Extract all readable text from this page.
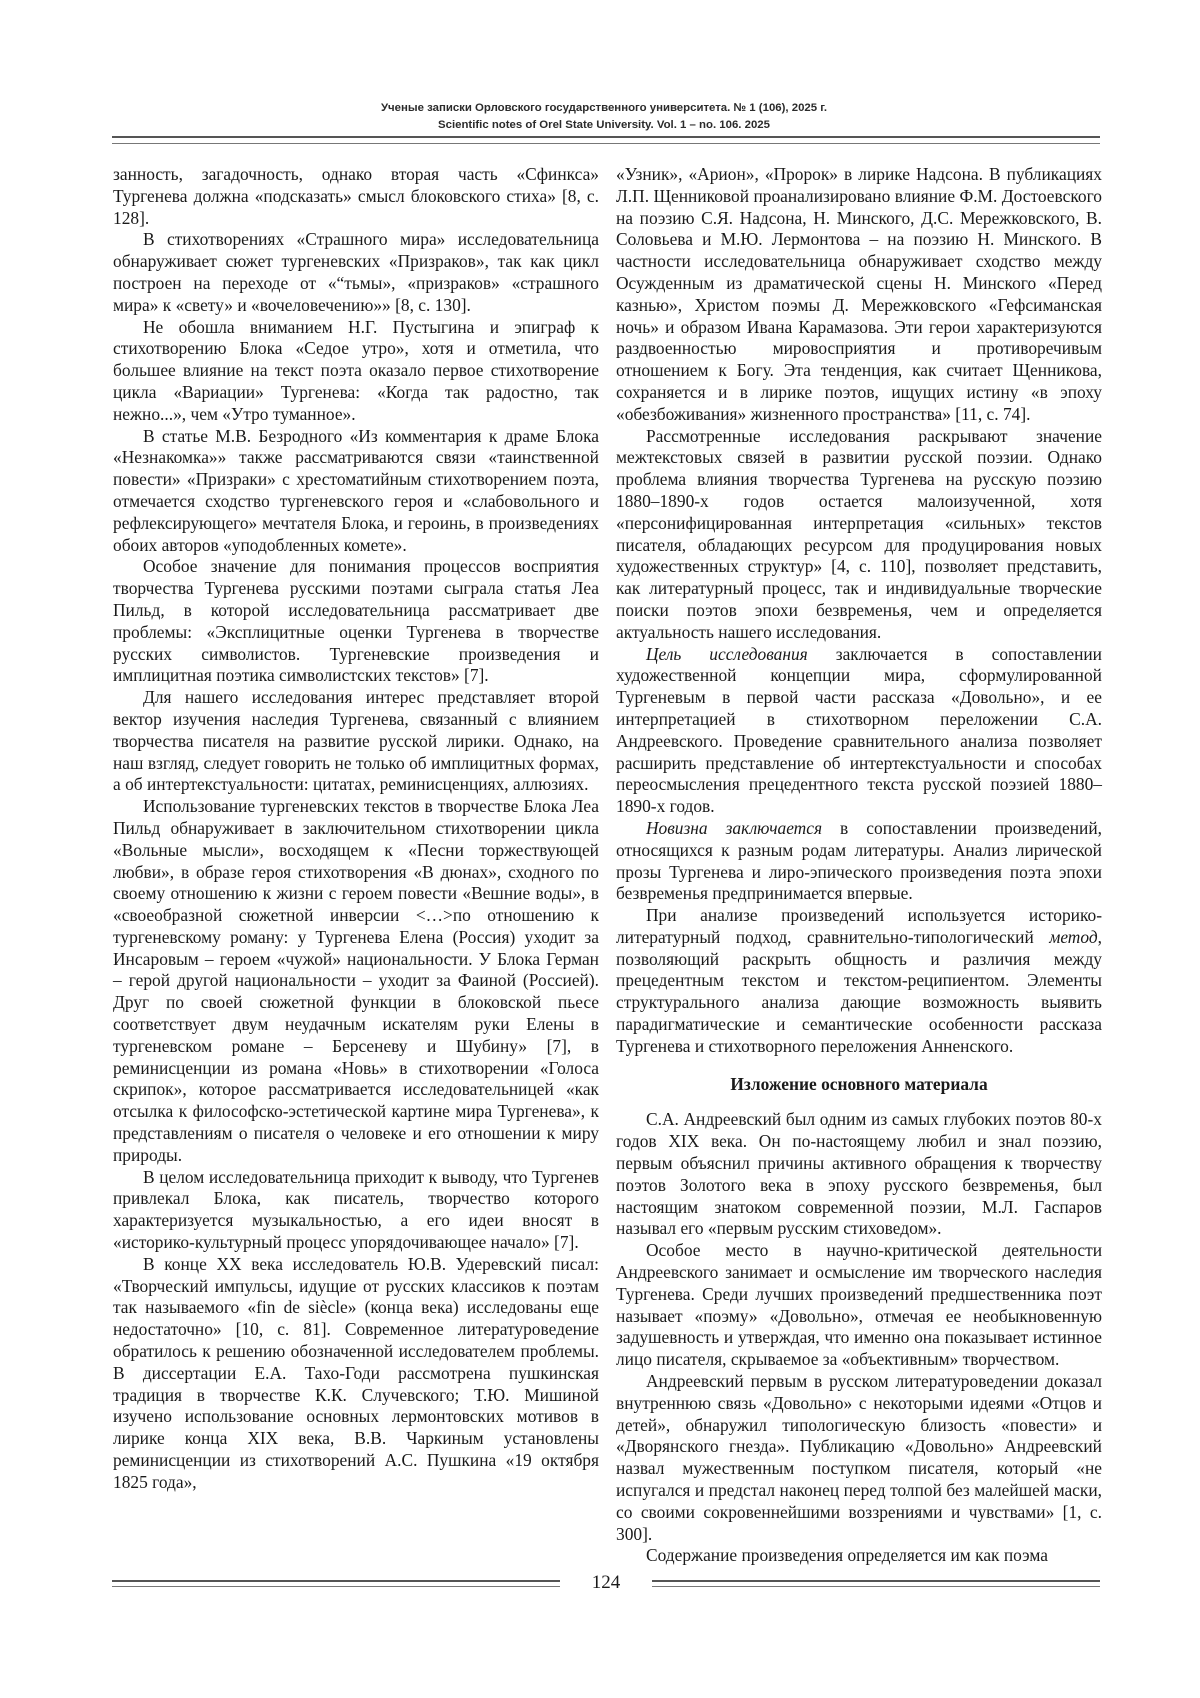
Ученые записки Орловского государственного университета. № 1 (106), 2025 г.
Scientific notes of Orel State University. Vol. 1 – no. 106. 2025

занность, загадочность, однако вторая часть «Сфинкса» Тургенева должна «подсказать» смысл блоковского стиха» [8, с. 128].

В стихотворениях «Страшного мира» исследовательница обнаруживает сюжет тургеневских «Призраков», так как цикл построен на переходе от «“тьмы», «призраков» «страшного мира» к «свету» и «вочеловечению»» [8, с. 130].

Не обошла вниманием Н.Г. Пустыгина и эпиграф к стихотворению Блока «Седое утро», хотя и отметила, что большее влияние на текст поэта оказало первое стихотворение цикла «Вариации» Тургенева: «Когда так радостно, так нежно...», чем «Утро туманное».

В статье М.В. Безродного «Из комментария к драме Блока «Незнакомка»» также рассматриваются связи «таинственной повести» «Призраки» с хрестоматийным стихотворением поэта, отмечается сходство тургеневского героя и «слабовольного и рефлексирующего» мечтателя Блока, и героинь, в произведениях обоих авторов «уподобленных комете».

Особое значение для понимания процессов восприятия творчества Тургенева русскими поэтами сыграла статья Леа Пильд, в которой исследовательница рассматривает две проблемы: «Эксплицитные оценки Тургенева в творчестве русских символистов. Тургеневские произведения и имплицитная поэтика символистских текстов» [7].

Для нашего исследования интерес представляет второй вектор изучения наследия Тургенева, связанный с влиянием творчества писателя на развитие русской лирики. Однако, на наш взгляд, следует говорить не только об имплицитных формах, а об интертекстуальности: цитатах, реминисценциях, аллюзиях.

Использование тургеневских текстов в творчестве Блока Леа Пильд обнаруживает в заключительном стихотворении цикла «Вольные мысли», восходящем к «Песни торжествующей любви», в образе героя стихотворения «В дюнах», сходного по своему отношению к жизни с героем повести «Вешние воды», в «своеобразной сюжетной инверсии <…>по отношению к тургеневскому роману: у Тургенева Елена (Россия) уходит за Инсаровым – героем «чужой» национальности. У Блока Герман – герой другой национальности – уходит за Фаиной (Россией). Друг по своей сюжетной функции в блоковской пьесе соответствует двум неудачным искателям руки Елены в тургеневском романе – Берсеневу и Шубину» [7], в реминисценции из романа «Новь» в стихотворении «Голоса скрипок», которое рассматривается исследовательницей «как отсылка к философско-эстетической картине мира Тургенева», к представлениям о писателя о человеке и его отношении к миру природы.

В целом исследовательница приходит к выводу, что Тургенев привлекал Блока, как писатель, творчество которого характеризуется музыкальностью, а его идеи вносят в «историко-культурный процесс упорядочивающее начало» [7].

В конце XX века исследователь Ю.В. Удеревский писал: «Творческий импульсы, идущие от русских классиков к поэтам так называемого «fin de siècle» (конца века) исследованы еще недостаточно» [10, с. 81]. Современное литературоведение обратилось к решению обозначенной исследователем проблемы. В диссертации Е.А. Тахо-Годи рассмотрена пушкинская традиция в творчестве К.К. Случевского; Т.Ю. Мишиной изучено использование основных лермонтовских мотивов в лирике конца XIX века, В.В. Чаркиным установлены реминисценции из стихотворений А.С. Пушкина «19 октября 1825 года»,

«Узник», «Арион», «Пророк» в лирике Надсона. В публикациях Л.П. Щенниковой проанализировано влияние Ф.М. Достоевского на поэзию С.Я. Надсона, Н. Минского, Д.С. Мережковского, В. Соловьева и М.Ю. Лермонтова – на поэзию Н. Минского. В частности исследовательница обнаруживает сходство между Осужденным из драматической сцены Н. Минского «Перед казнью», Христом поэмы Д. Мережковского «Гефсиманская ночь» и образом Ивана Карамазова. Эти герои характеризуются раздвоенностью мировосприятия и противоречивым отношением к Богу. Эта тенденция, как считает Щенникова, сохраняется и в лирике поэтов, ищущих истину «в эпоху «обезбоживания» жизненного пространства» [11, с. 74].

Рассмотренные исследования раскрывают значение межтекстовых связей в развитии русской поэзии. Однако проблема влияния творчества Тургенева на русскую поэзию 1880–1890-х годов остается малоизученной, хотя «персонифицированная интерпретация «сильных» текстов писателя, обладающих ресурсом для продуцирования новых художественных структур» [4, с. 110], позволяет представить, как литературный процесс, так и индивидуальные творческие поиски поэтов эпохи безвременья, чем и определяется актуальность нашего исследования.

Цель исследования заключается в сопоставлении художественной концепции мира, сформулированной Тургеневым в первой части рассказа «Довольно», и ее интерпретацией в стихотворном переложении С.А. Андреевского. Проведение сравнительного анализа позволяет расширить представление об интертекстуальности и способах переосмысления прецедентного текста русской поэзией 1880–1890-х годов.

Новизна заключается в сопоставлении произведений, относящихся к разным родам литературы. Анализ лирической прозы Тургенева и лиро-эпического произведения поэта эпохи безвременья предпринимается впервые.

При анализе произведений используется историко-литературный подход, сравнительно-типологический метод, позволяющий раскрыть общность и различия между прецедентным текстом и текстом-реципиентом. Элементы структурального анализа дающие возможность выявить парадигматические и семантические особенности рассказа Тургенева и стихотворного переложения Анненского.

Изложение основного материала

С.А. Андреевский был одним из самых глубоких поэтов 80-х годов XIX века. Он по-настоящему любил и знал поэзию, первым объяснил причины активного обращения к творчеству поэтов Золотого века в эпоху русского безвременья, был настоящим знатоком современной поэзии, М.Л. Гаспаров называл его «первым русским стиховедом».

Особое место в научно-критической деятельности Андреевского занимает и осмысление им творческого наследия Тургенева. Среди лучших произведений предшественника поэт называет «поэму» «Довольно», отмечая ее необыкновенную задушевность и утверждая, что именно она показывает истинное лицо писателя, скрываемое за «объективным» творчеством.

Андреевский первым в русском литературоведении доказал внутреннюю связь «Довольно» с некоторыми идеями «Отцов и детей», обнаружил типологическую близость «повести» и «Дворянского гнезда». Публикацию «Довольно» Андреевский назвал мужественным поступком писателя, который «не испугался и предстал наконец перед толпой без малейшей маски, со своими сокровеннейшими воззрениями и чувствами» [1, с. 300].

Содержание произведения определяется им как поэма

124
